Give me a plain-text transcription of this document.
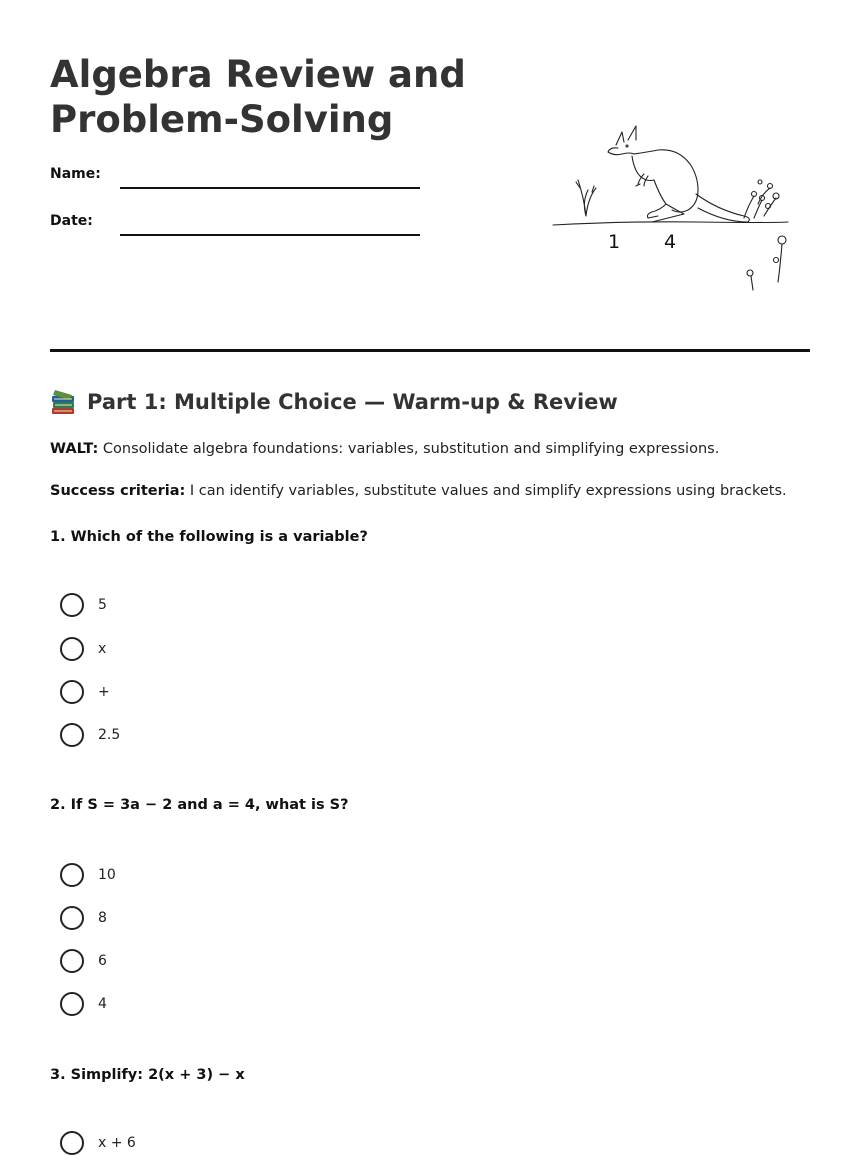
Algebra Review and
Problem-Solving
Name:
Date:
1 4
Part 1: Multiple Choice — Warm-up & Review
WALT: Consolidate algebra foundations: variables, substitution and simplifying expressions.
Success criteria: I can identify variables, substitute values and simplify expressions using brackets.
1. Which of the following is a variable?
5
x
+
2.5
2. If S = 3a − 2 and a = 4, what is S?
10
8
6
4
3. Simplify: 2(x + 3) − x
x + 6
